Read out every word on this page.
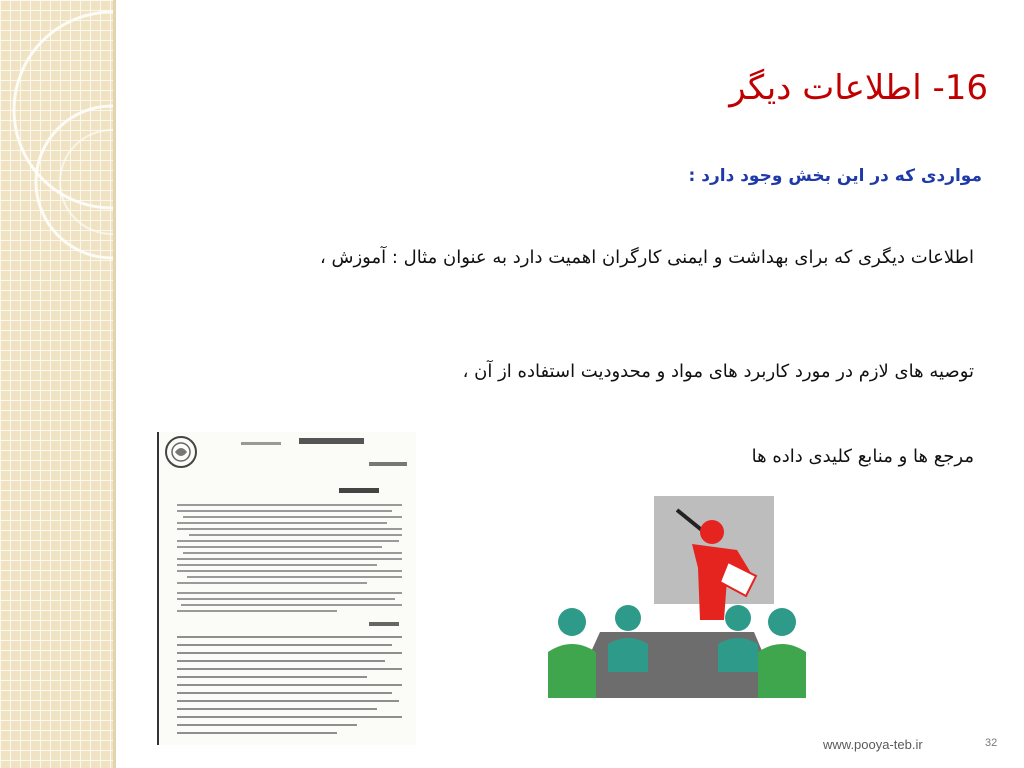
16- اطلاعات دیگر
مواردی که در این بخش وجود دارد :
اطلاعات دیگری که برای بهداشت و ایمنی کارگران اهمیت دارد به عنوان مثال : آموزش ،
توصیه های لازم در مورد کاربرد های مواد و محدودیت استفاده از آن ،
مرجع ها و منابع کلیدی داده ها
www.pooya-teb.ir	32
